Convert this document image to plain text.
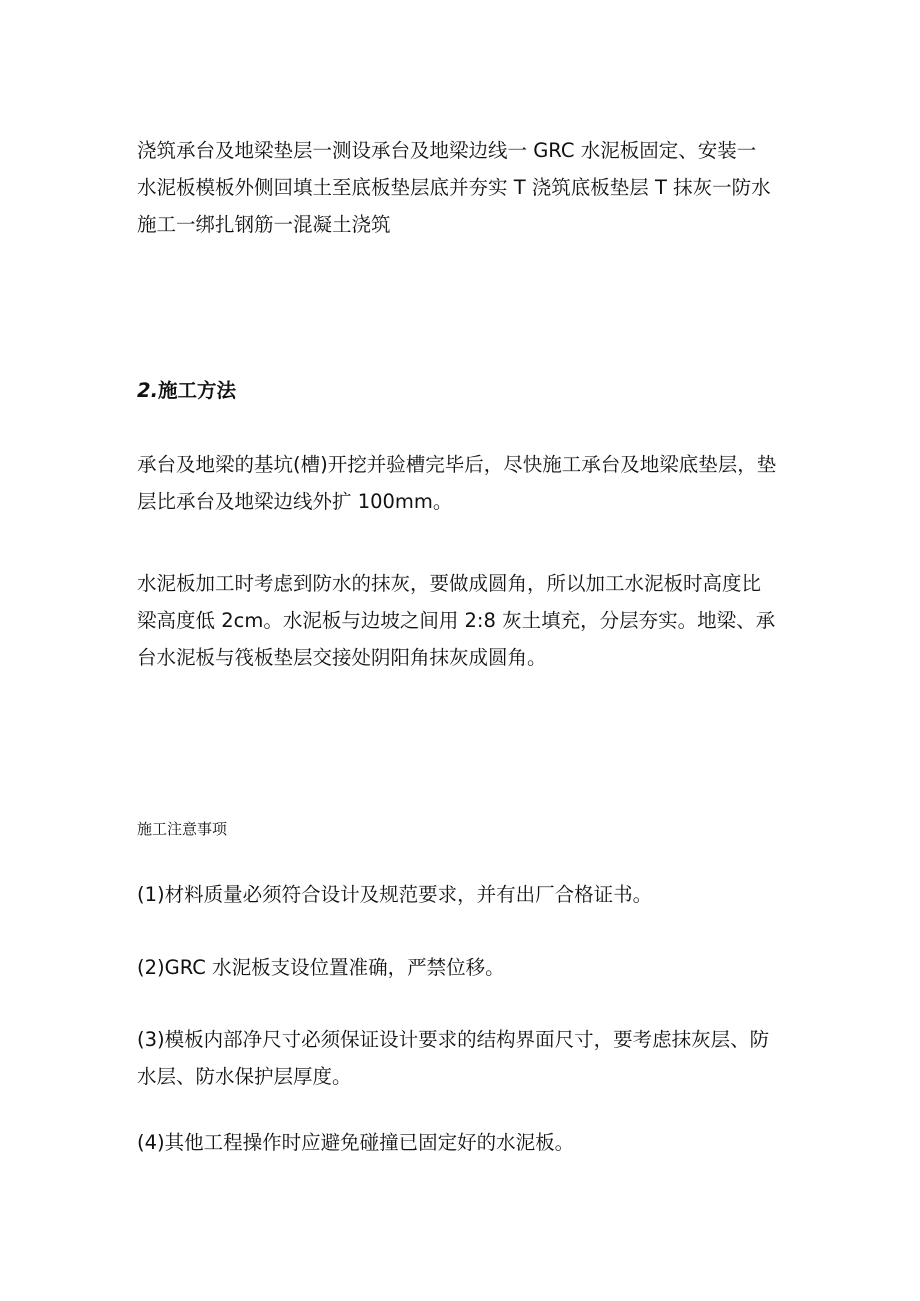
浇筑承台及地梁垫层一测设承台及地梁边线一 GRC 水泥板固定、安装一
水泥板模板外侧回填土至底板垫层底并夯实 T 浇筑底板垫层 T 抹灰一防水
施工一绑扎钢筋一混凝土浇筑

2.施工方法

承台及地梁的基坑(槽)开挖并验槽完毕后，尽快施工承台及地梁底垫层，垫
层比承台及地梁边线外扩 100mm。

水泥板加工时考虑到防水的抹灰，要做成圆角，所以加工水泥板时高度比
梁高度低 2cm。水泥板与边坡之间用 2:8 灰土填充，分层夯实。地梁、承
台水泥板与筏板垫层交接处阴阳角抹灰成圆角。

施工注意事项

(1)材料质量必须符合设计及规范要求，并有出厂合格证书。

(2)GRC 水泥板支设位置准确，严禁位移。

(3)模板内部净尺寸必须保证设计要求的结构界面尺寸，要考虑抹灰层、防
水层、防水保护层厚度。

(4)其他工程操作时应避免碰撞已固定好的水泥板。
